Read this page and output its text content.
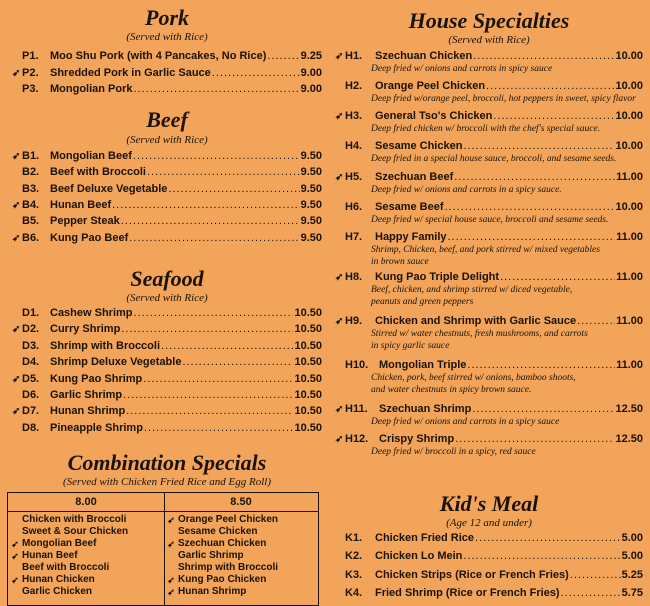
Pork
(Served with Rice)
P1.	Moo Shu Pork (with 4 Pancakes, No Rice) .....	9.25
➶ P2.	Shredded Pork in Garlic Sauce .....	9.00
P3.	Mongolian Pork .....	9.00
Beef
(Served with Rice)
➶ B1. Mongolian Beef .....	9.50
B2. Beef with Broccoli .....	9.50
B3. Beef Deluxe Vegetable .....	9.50
➶ B4. Hunan Beef .....	9.50
B5. Pepper Steak .....	9.50
➶ B6. Kung Pao Beef .....	9.50
Seafood
(Served with Rice)
D1. Cashew Shrimp .....	10.50
➶ D2. Curry Shrimp .....	10.50
D3. Shrimp with Broccoli .....	10.50
D4. Shrimp Deluxe Vegetable .....	10.50
➶ D5. Kung Pao Shrimp .....	10.50
D6. Garlic Shrimp .....	10.50
➶ D7. Hunan Shrimp .....	10.50
D8. Pineapple Shrimp .....	10.50
Combination Specials
(Served with Chicken Fried Rice and Egg Roll)
8.00
Chicken with Broccoli
Sweet & Sour Chicken
➶ Mongolian Beef
➶ Hunan Beef
Beef with Broccoli
➶ Hunan Chicken
Garlic Chicken
8.50
➶ Orange Peel Chicken
Sesame Chicken
➶ Szechuan Chicken
Garlic Shrimp
Shrimp with Broccoli
➶ Kung Pao Chicken
➶ Hunan Shrimp
House Specialties
(Served with Rice)
➶ H1.	Szechuan Chicken .....	10.00
Deep fried w/ onions and carrots in spicy sauce
H2.	Orange Peel Chicken .....	10.00
Deep fried w/orange peel, broccoli, hot peppers in sweet, spicy flavor
➶ H3.	General Tso's Chicken .....	10.00
Deep fried chicken w/ broccoli with the chef's special sauce.
H4.	Sesame Chicken .....	10.00
Deep fried in a special house sauce, broccoli, and sesame seeds.
➶ H5.	Szechuan Beef .....	11.00
Deep fried w/ onions and carrots in a spicy sauce.
H6.	Sesame Beef .....	10.00
Deep fried w/ special house sauce, broccoli and sesame seeds.
H7.	Happy Family .....	11.00
Shrimp, Chicken, beef, and pork stirred w/ mixed vegetables
in brown sauce
➶ H8.	Kung Pao Triple Delight .....	11.00
Beef, chicken, and shrimp stirred w/ diced vegetable,
peanuts and green peppers
➶ H9.	Chicken and Shrimp with Garlic Sauce .....	11.00
Stirred w/ water chestnuts, fresh mushrooms, and carrots
in spicy garlic sauce
H10. Mongolian Triple .....	11.00
Chicken, pork, beef stirred w/ onions, bamboo shoots,
and water chestnuts in spicy brown sauce.
➶ H11.	Szechuan Shrimp .....	12.50
Deep fried w/ onions and carrots in a spicy sauce
➶ H12. Crispy Shrimp .....	12.50
Deep fried w/ broccoli in a spicy, red sauce
Kid's Meal
(Age 12 and under)
K1.	Chicken Fried Rice .....	5.00
K2.	Chicken Lo Mein .....	5.00
K3.	Chicken Strips (Rice or French Fries) .....	5.25
K4.	Fried Shrimp (Rice or French Fries) .....	5.75
